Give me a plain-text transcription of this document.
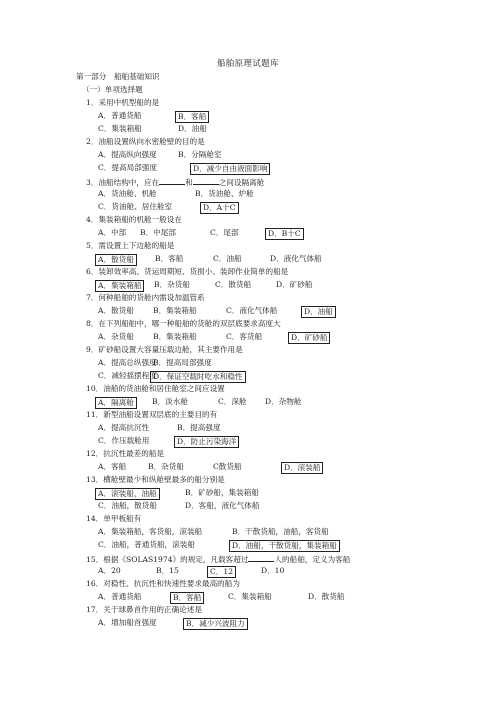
船舶原理试题库
第一部分　船舶基础知识
（一）单项选择题
1．采用中机型船的是
A．普通货船	B．客船
C．集装箱船	D．油船
2．油船设置纵向水密舱壁的目的是
A．提高纵向强度	B．分隔舱室
C．提高局部强度	D．减少自由液面影响
3．油船结构中，应在	和	之间设隔离舱
A．货油舱、机舱	B．货油舱、炉舱
C．货油舱、居住舱室	D．A十C
4．集装箱船的机舱一般设在
A．中部 B．中尾部	C．尾部	D．B十C
5．需设置上下边舱的船是
A．散货船	B．客船	C．油船	D．液化气体船
6．装卸效率高、货运周期短、货损小、装卸作业简单的船是
A．集装箱船	B．杂货船	C．散货船	D．矿砂船
7．何种船舶的货舱内需设加温管系
A．散货船	B．集装箱船	C．液化气体船	D．油船
8．在下列船舶中，哪一种船舶的货舱的双层底要求高度大
A．杂货船	B．集装箱船	C．客货船	D．矿砂船
9．矿砂船设置大容量压载边舱，其主要作用是
A．提高总纵强度
B．提高局部强度
C．减轻摇摆程度
D．保证空载时吃水和稳性
10．油船的货油舱和居住舱室之间应设置
A．隔离舱	B．淡水舱	C．深舱 D．杂物舱
11．新型油船设置双层底的主要目的有
A．提高抗沉性	B．提高强度
C．作压载舱用	D．防止污染海洋
12．抗沉性最差的船是
A．客船	B．杂货船	C散货船	D．滚装船
13．横舱壁最少和纵舱壁最多的船分别是
A．滚装船，油船	B．矿砂船，集装箱船
C．油船，散货船	D．客船，液化气体船
14．单甲板船有
A．集装箱船，客货船，滚装船	B．干散货船，油船，客货船
C．油船，普通货船，滚装船	D．油船，干散货船，集装箱船
15．根据《SOLAS1974》的规定，凡载客超过	人的船舶，定义为客船
A．20	B．15	C．12	D．10
16．对稳性、抗沉性和快速性要求最高的船为
A．普通货船	B．客船	C．集装箱船	D．散货船
17．关于球鼻首作用的正确论述是
A．增加船首强度	B．减少兴波阻力
